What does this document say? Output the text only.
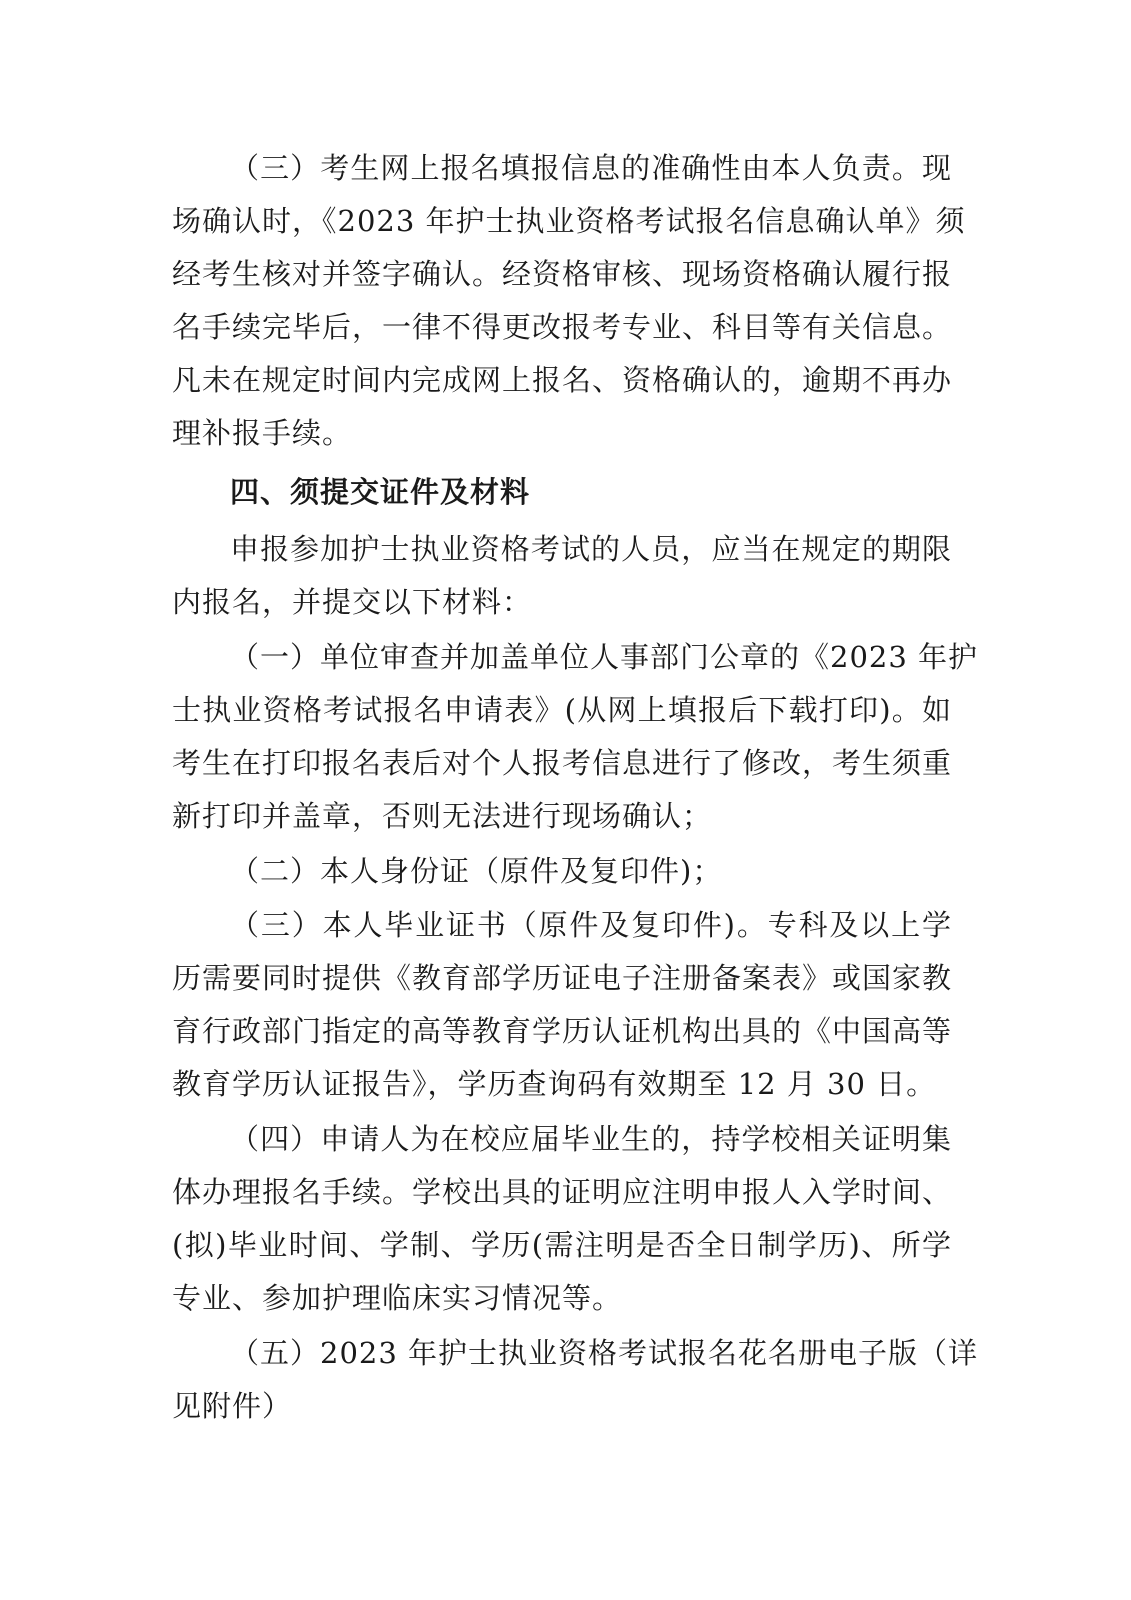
（三）考生网上报名填报信息的准确性由本人负责。现
场确认时，《2023 年护士执业资格考试报名信息确认单》须
经考生核对并签字确认。经资格审核、现场资格确认履行报
名手续完毕后，一律不得更改报考专业、科目等有关信息。
凡未在规定时间内完成网上报名、资格确认的，逾期不再办
理补报手续。
四、须提交证件及材料
申报参加护士执业资格考试的人员，应当在规定的期限
内报名，并提交以下材料：
（一）单位审查并加盖单位人事部门公章的《2023 年护
士执业资格考试报名申请表》(从网上填报后下载打印)。如
考生在打印报名表后对个人报考信息进行了修改，考生须重
新打印并盖章，否则无法进行现场确认；
（二）本人身份证（原件及复印件)；
（三）本人毕业证书（原件及复印件)。专科及以上学
历需要同时提供《教育部学历证电子注册备案表》或国家教
育行政部门指定的高等教育学历认证机构出具的《中国高等
教育学历认证报告》，学历查询码有效期至 12 月 30 日。
（四）申请人为在校应届毕业生的，持学校相关证明集
体办理报名手续。学校出具的证明应注明申报人入学时间、
(拟)毕业时间、学制、学历(需注明是否全日制学历)、所学
专业、参加护理临床实习情况等。
（五）2023 年护士执业资格考试报名花名册电子版（详
见附件）
